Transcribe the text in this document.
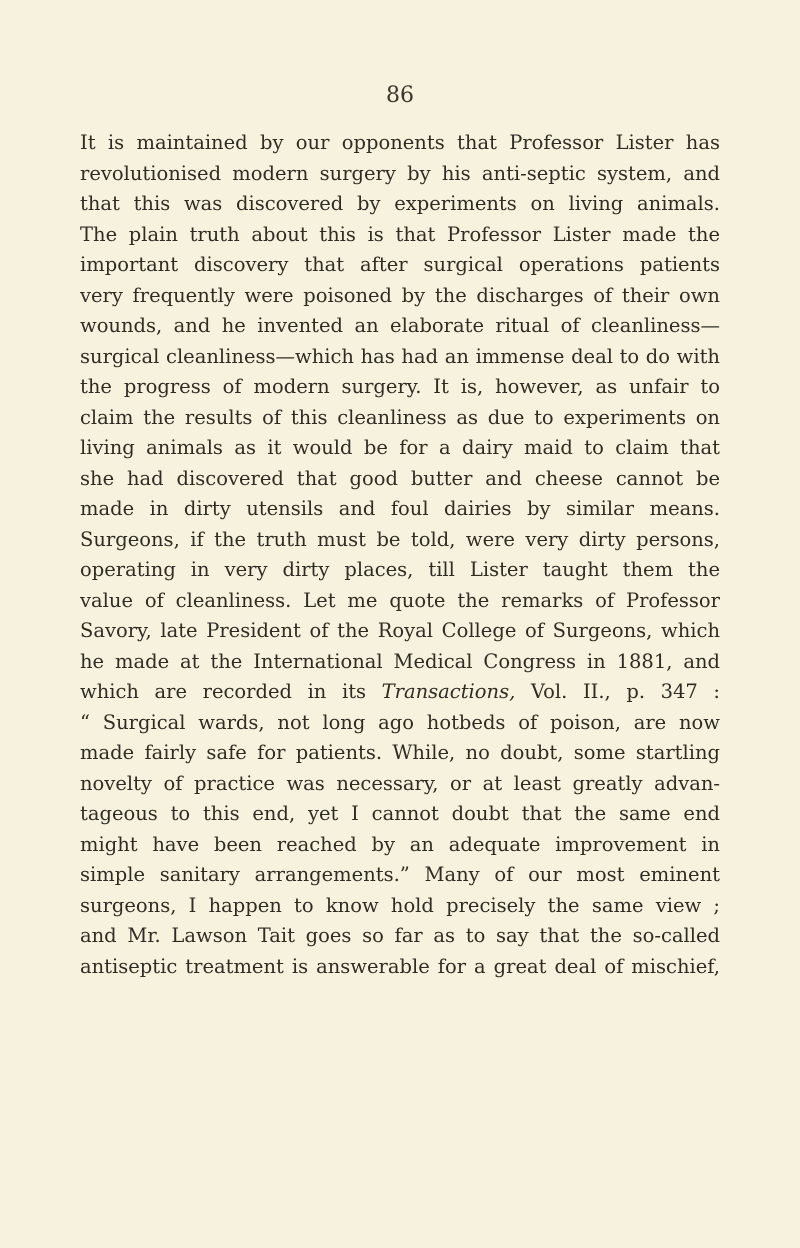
86
It is maintained by our opponents that Professor Lister has
revolutionised modern surgery by his anti-septic system, and
that this was discovered by experiments on living animals.
The plain truth about this is that Professor Lister made the
important discovery that after surgical operations patients
very frequently were poisoned by the discharges of their own
wounds, and he invented an elaborate ritual of cleanliness—
surgical cleanliness—which has had an immense deal to do with
the progress of modern surgery. It is, however, as unfair to
claim the results of this cleanliness as due to experiments on
living animals as it would be for a dairy maid to claim that
she had discovered that good butter and cheese cannot be
made in dirty utensils and foul dairies by similar means.
Surgeons, if the truth must be told, were very dirty persons,
operating in very dirty places, till Lister taught them the
value of cleanliness. Let me quote the remarks of Professor
Savory, late President of the Royal College of Surgeons, which
he made at the International Medical Congress in 1881, and
which are recorded in its Transactions, Vol. II., p. 347 :
“ Surgical wards, not long ago hotbeds of poison, are now
made fairly safe for patients. While, no doubt, some startling
novelty of practice was necessary, or at least greatly advan-
tageous to this end, yet I cannot doubt that the same end
might have been reached by an adequate improvement in
simple sanitary arrangements.” Many of our most eminent
surgeons, I happen to know hold precisely the same view ;
and Mr. Lawson Tait goes so far as to say that the so-called
antiseptic treatment is answerable for a great deal of mischief,
